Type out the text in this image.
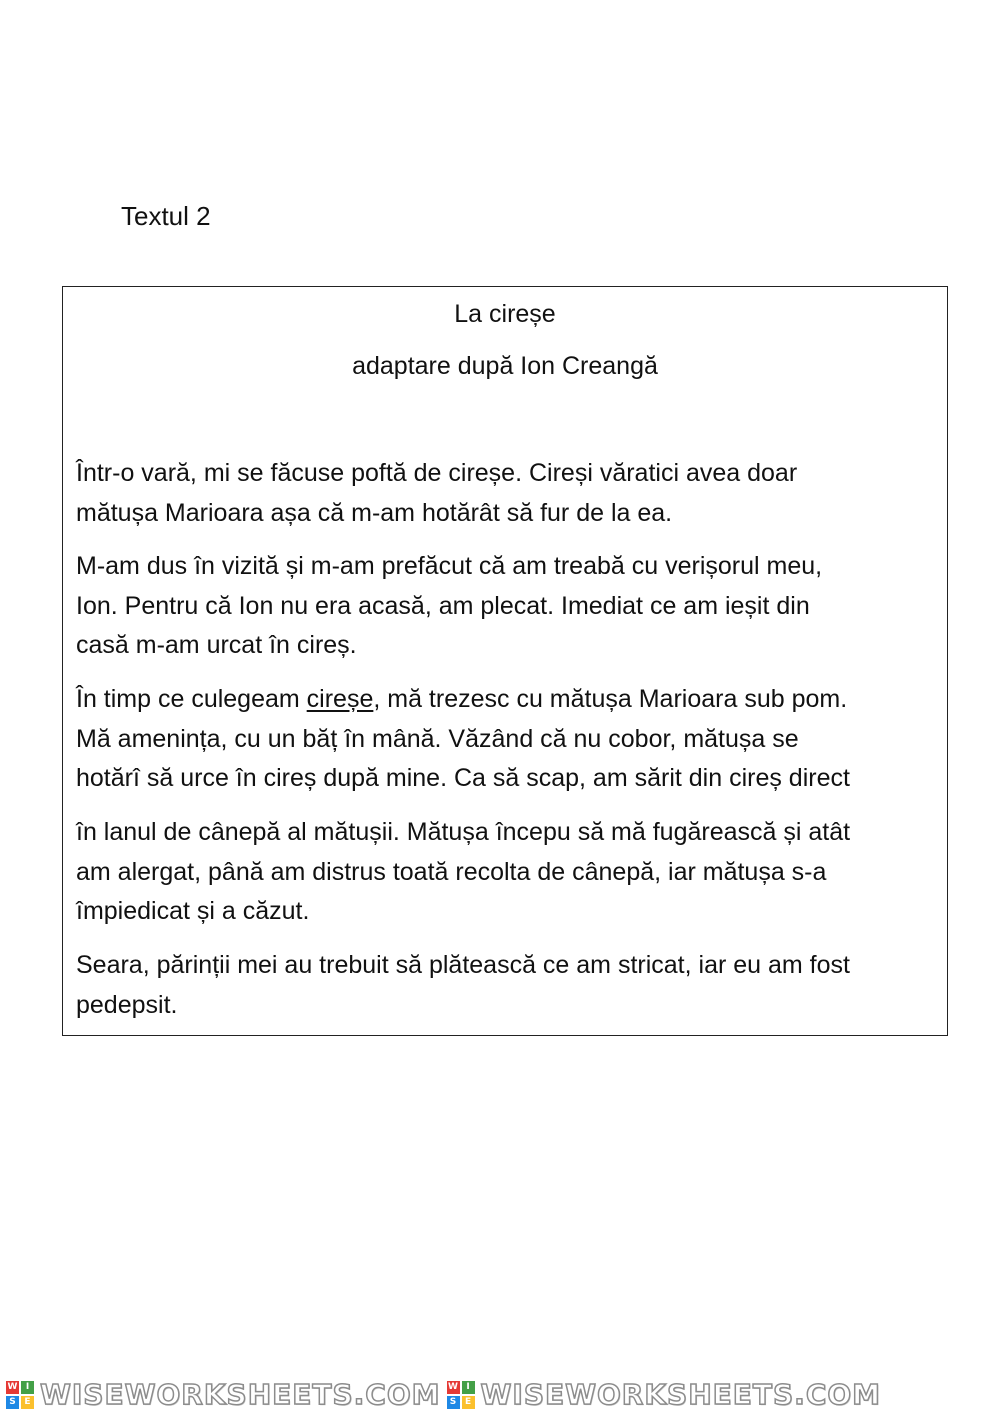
Textul 2
La cireșe
adaptare după Ion Creangă

Într-o vară, mi se făcuse poftă de cireșe. Cireși văratici avea doar
mătușa Marioara așa că m-am hotărât să fur de la ea.

M-am dus în vizită și m-am prefăcut că am treabă cu verișorul meu,
Ion. Pentru că Ion nu era acasă, am plecat. Imediat ce am ieșit din
casă m-am urcat în cireș.

În timp ce culegeam cireșe, mă trezesc cu mătușa Marioara sub pom.
Mă amenința, cu un băț în mână. Văzând că nu cobor, mătușa se
hotărî să urce în cireș după mine. Ca să scap, am sărit din cireș direct

în lanul de cânepă al mătușii. Mătușa începu să mă fugărească și atât
am alergat, până am distrus toată recolta de cânepă, iar mătușa s-a
împiedicat și a căzut.

Seara, părinții mei au trebuit să plătească ce am stricat, iar eu am fost
pedepsit.

W I
S E WISEWORKSHEETS.COM W I
S E WISEWORKSHEETS.COM
